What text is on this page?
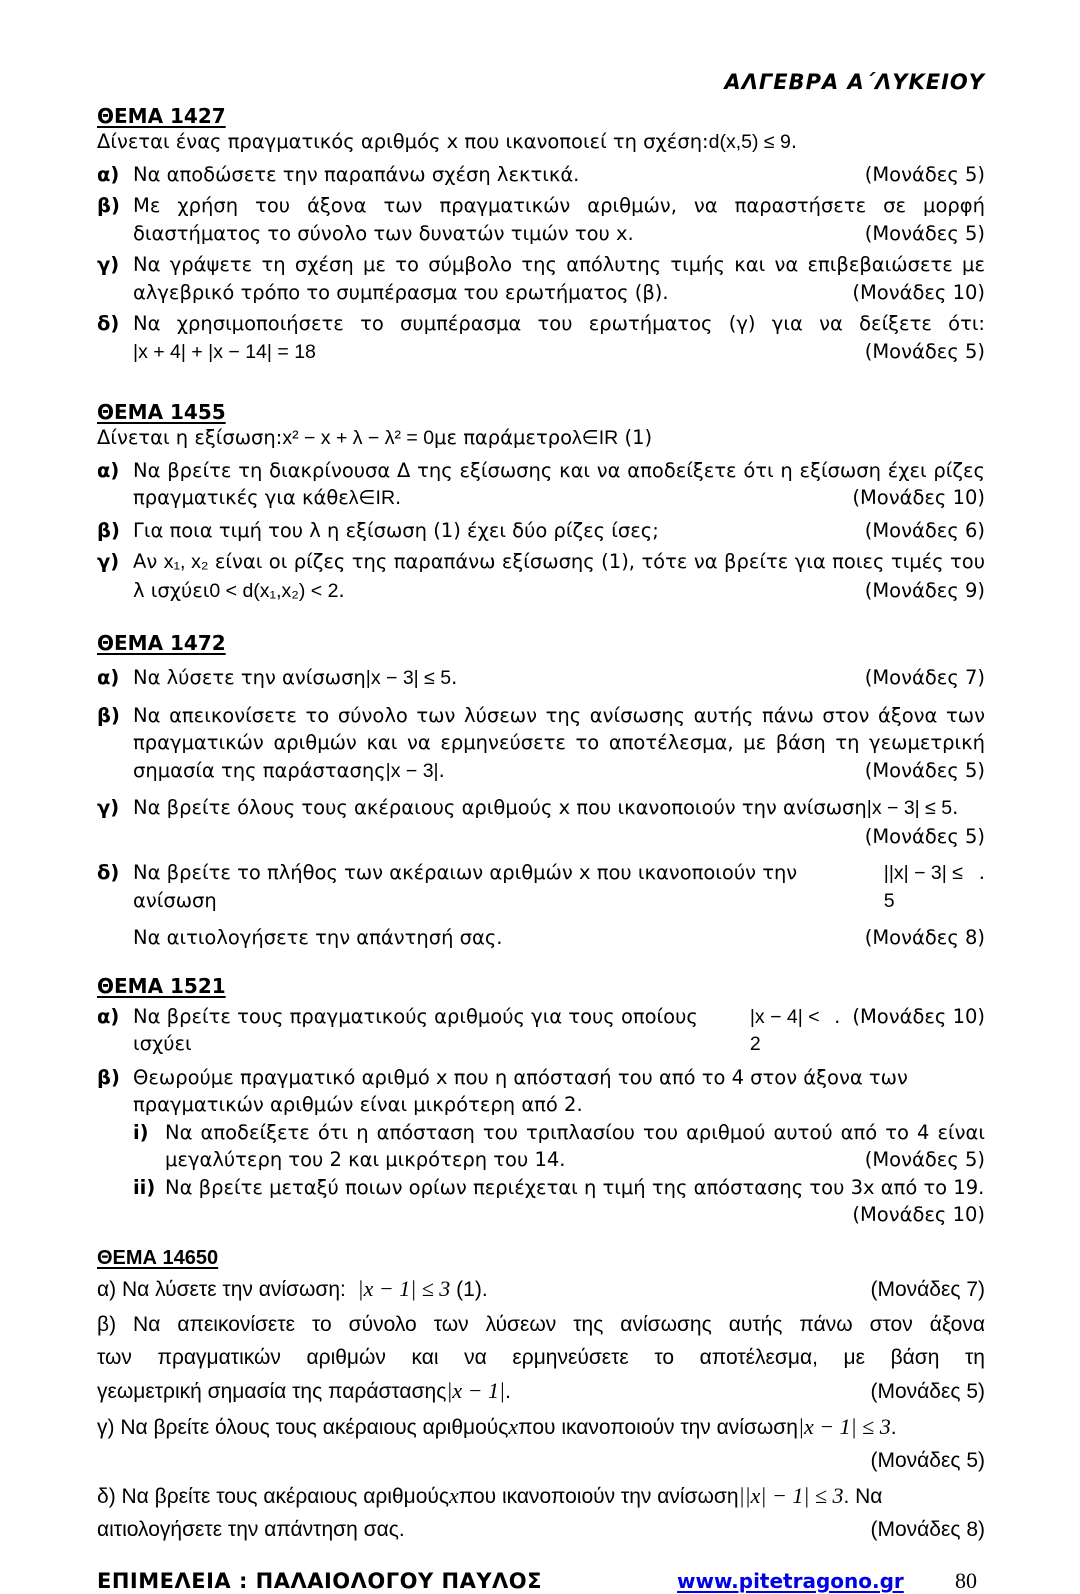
ΑΛΓΕΒΡΑ Α΄ΛΥΚΕΙΟΥ
ΘΕΜΑ 1427
Δίνεται ένας πραγματικός αριθμός x που ικανοποιεί τη σχέση: d(x,5) ≤ 9 .
α) Να αποδώσετε την παραπάνω σχέση λεκτικά.	(Μονάδες 5)
β) Με χρήση του άξονα των πραγματικών αριθμών, να παραστήσετε σε μορφή
διαστήματος το σύνολο των δυνατών τιμών του x.	(Μονάδες 5)
γ) Να γράψετε τη σχέση με το σύμβολο της απόλυτης τιμής και να επιβεβαιώσετε με
αλγεβρικό τρόπο το συμπέρασμα του ερωτήματος (β).	(Μονάδες 10)
δ) Να χρησιμοποιήσετε το συμπέρασμα του ερωτήματος (γ) για να δείξετε ότι:
|x + 4| + |x − 14| = 18	(Μονάδες 5)
ΘΕΜΑ 1455
Δίνεται η εξίσωση: x² − x + λ − λ² = 0 με παράμετρο λ∈IR (1)
α) Να βρείτε τη διακρίνουσα Δ της εξίσωσης και να αποδείξετε ότι η εξίσωση έχει ρίζες
πραγματικές για κάθε λ∈IR .	(Μονάδες 10)
β) Για ποια τιμή του λ η εξίσωση (1) έχει δύο ρίζες ίσες;	(Μονάδες 6)
γ) Αν x₁, x₂ είναι οι ρίζες της παραπάνω εξίσωσης (1), τότε να βρείτε για ποιες τιμές του
λ ισχύει 0 < d(x₁,x₂) < 2 .	(Μονάδες 9)
ΘΕΜΑ 1472
α) Να λύσετε την ανίσωση |x − 3| ≤ 5 .	(Μονάδες 7)
β) Να απεικονίσετε το σύνολο των λύσεων της ανίσωσης αυτής πάνω στον άξονα των
πραγματικών αριθμών και να ερμηνεύσετε το αποτέλεσμα, με βάση τη γεωμετρική
σημασία της παράστασης |x − 3| .	(Μονάδες 5)
γ) Να βρείτε όλους τους ακέραιους αριθμούς x που ικανοποιούν την ανίσωση |x − 3| ≤ 5 .
(Μονάδες 5)
δ) Να βρείτε το πλήθος των ακέραιων αριθμών x που ικανοποιούν την ανίσωση
||x| − 3| ≤ 5
.
Να αιτιολογήσετε την απάντησή σας.	(Μονάδες 8)
ΘΕΜΑ 1521
α) Να βρείτε τους πραγματικούς αριθμούς για τους οποίους ισχύει
|x − 4| < 2
. (Μονάδες 10)
β) Θεωρούμε πραγματικό αριθμό x που η απόστασή του από το 4 στον άξονα των
πραγματικών αριθμών είναι μικρότερη από 2.
i) Να αποδείξετε ότι η απόσταση του τριπλασίου του αριθμού αυτού από το 4 είναι
μεγαλύτερη του 2 και μικρότερη του 14.	(Μονάδες 5)
ii) Να βρείτε μεταξύ ποιων ορίων περιέχεται η τιμή της απόστασης του 3x από το 19.
(Μονάδες 10)
ΘΕΜΑ 14650
α) Να λύσετε την ανίσωση: |x − 1| ≤ 3 (1).	(Μονάδες 7)
β) Να απεικονίσετε το σύνολο των λύσεων της ανίσωσης αυτής πάνω στον άξονα
των πραγματικών αριθμών και να ερμηνεύσετε το αποτέλεσμα, με βάση τη
γεωμετρική σημασία της παράστασης |x − 1| .	(Μονάδες 5)
γ) Να βρείτε όλους τους ακέραιους αριθμούς x που ικανοποιούν την ανίσωση |x − 1| ≤ 3 .
(Μονάδες 5)
δ) Να βρείτε τους ακέραιους αριθμούς x που ικανοποιούν την ανίσωση ||x| − 1| ≤ 3 . Να
αιτιολογήσετε την απάντηση σας.	(Μονάδες 8)
ΕΠΙΜΕΛΕΙΑ : ΠΑΛΑΙΟΛΟΓΟΥ ΠΑΥΛΟΣ	www.pitetragono.gr 80
